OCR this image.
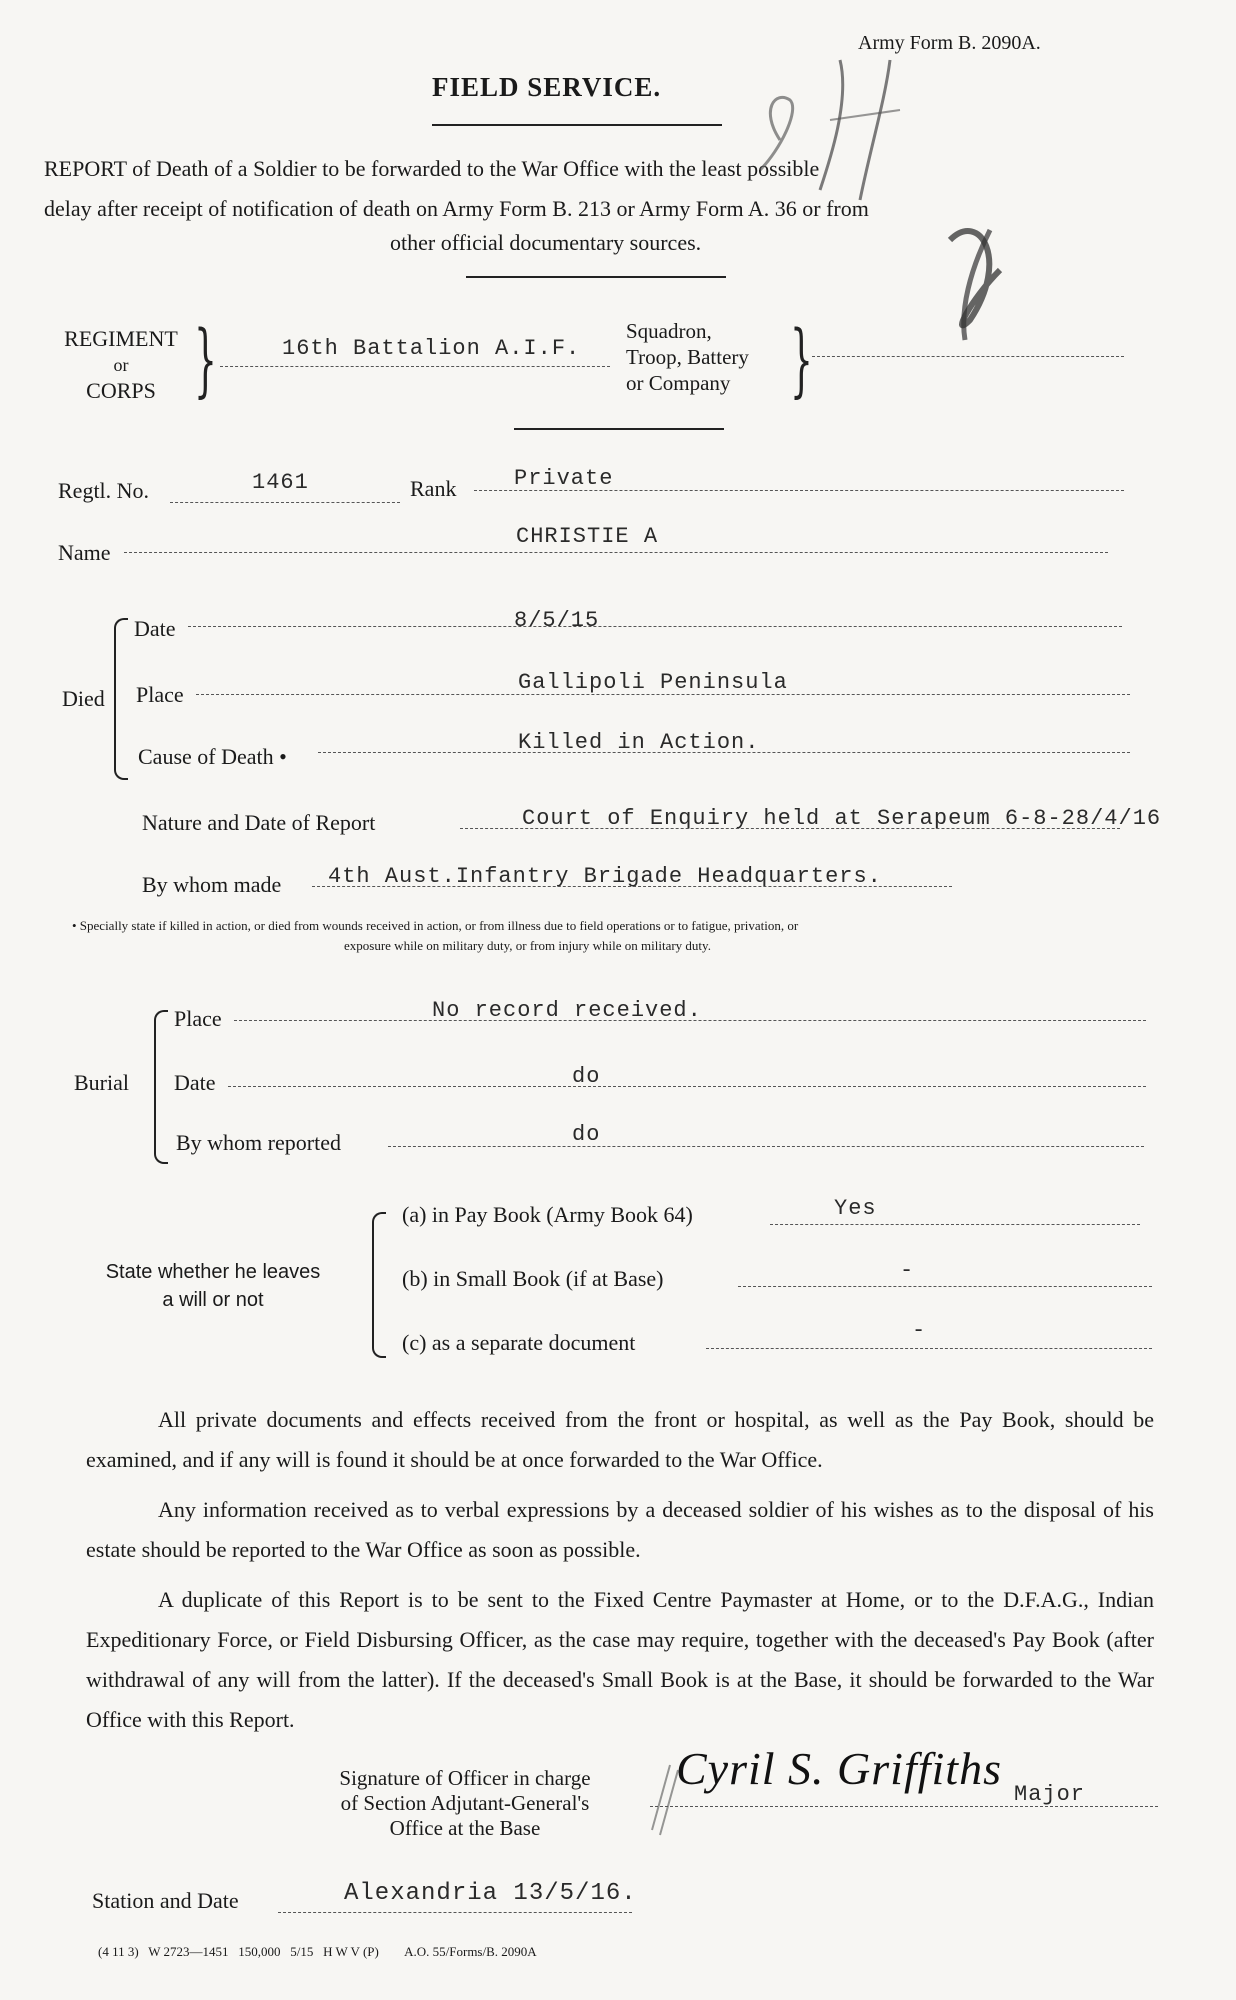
Army Form B. 2090A.
FIELD SERVICE.
REPORT of Death of a Soldier to be forwarded to the War Office with the least possible
delay after receipt of notification of death on Army Form B. 213 or Army Form A. 36 or from
other official documentary sources.
REGIMENT
or
CORPS }	16th Battalion A.I.F.
Squadron,
Troop, Battery
or Company }
Regtl. No.	1461	Rank	Private
Name
CHRISTIE A
Died
Date	8/5/15
Place	Gallipoli Peninsula
Cause of Death •
Killed in Action.
Nature and Date of Report	Court of Enquiry held at Serapeum 6-8-28/4/16
By whom made 4th Aust.Infantry Brigade Headquarters.
• Specially state if killed in action, or died from wounds received in action, or from illness due to field operations or to fatigue, privation, or
exposure while on military duty, or from injury while on military duty.
Burial
Place	No record received.
Date	do
By whom reported	do
State whether he leaves
a will or not
(a) in Pay Book (Army Book 64)	Yes
(b) in Small Book (if at Base)	-
(c) as a separate document	-
All private documents and effects received from the front or hospital, as well as the Pay Book, should be examined, and if any will is found it should be at once forwarded to the War Office.
Any information received as to verbal expressions by a deceased soldier of his wishes as to the disposal of his estate should be reported to the War Office as soon as possible.
A duplicate of this Report is to be sent to the Fixed Centre Paymaster at Home, or to the D.F.A.G., Indian Expeditionary Force, or Field Disbursing Officer, as the case may require, together with the deceased's Pay Book (after withdrawal of any will from the latter). If the deceased's Small Book is at the Base, it should be forwarded to the War Office with this Report.
Signature of Officer in charge
of Section Adjutant-General's
Office at the Base
Cyril S. Griffiths
Major
Station and Date	Alexandria 13/5/16.
(4 11 3)   W 2723—1451   150,000   5/15   H W V (P)        A.O. 55/Forms/B. 2090A
